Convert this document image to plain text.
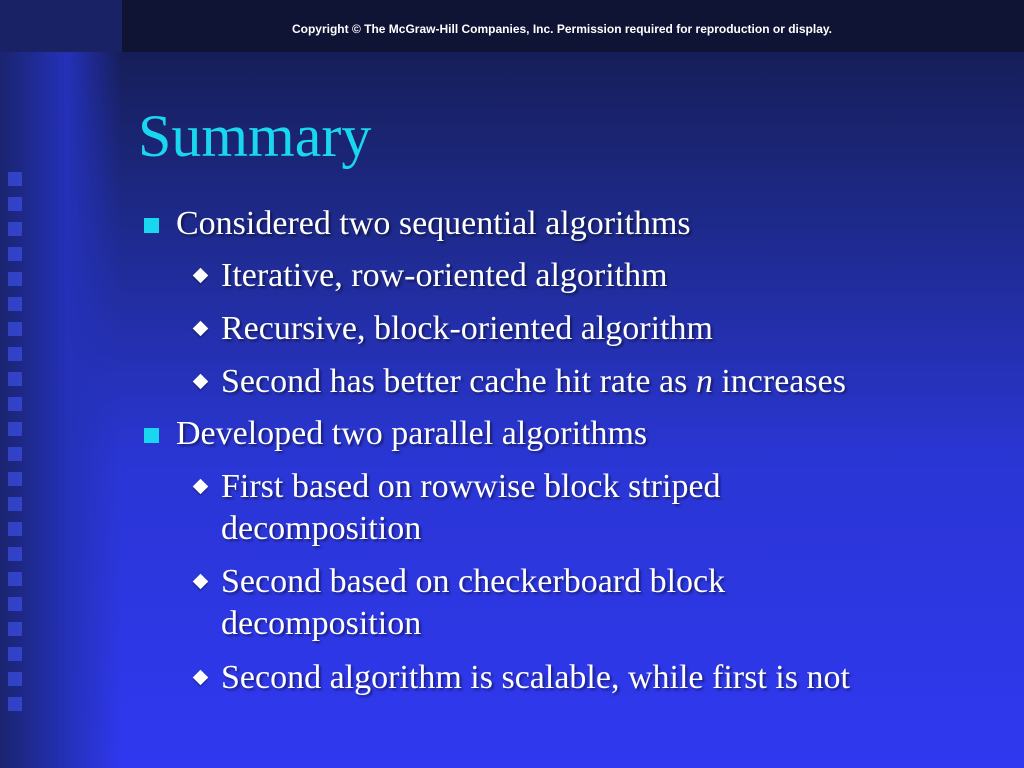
Copyright © The McGraw-Hill Companies, Inc. Permission required for reproduction or display.
Summary
Considered two sequential algorithms
Iterative, row-oriented algorithm
Recursive, block-oriented algorithm
Second has better cache hit rate as n increases
Developed two parallel algorithms
First based on rowwise block striped
decomposition
Second based on checkerboard block
decomposition
Second algorithm is scalable, while first is not
